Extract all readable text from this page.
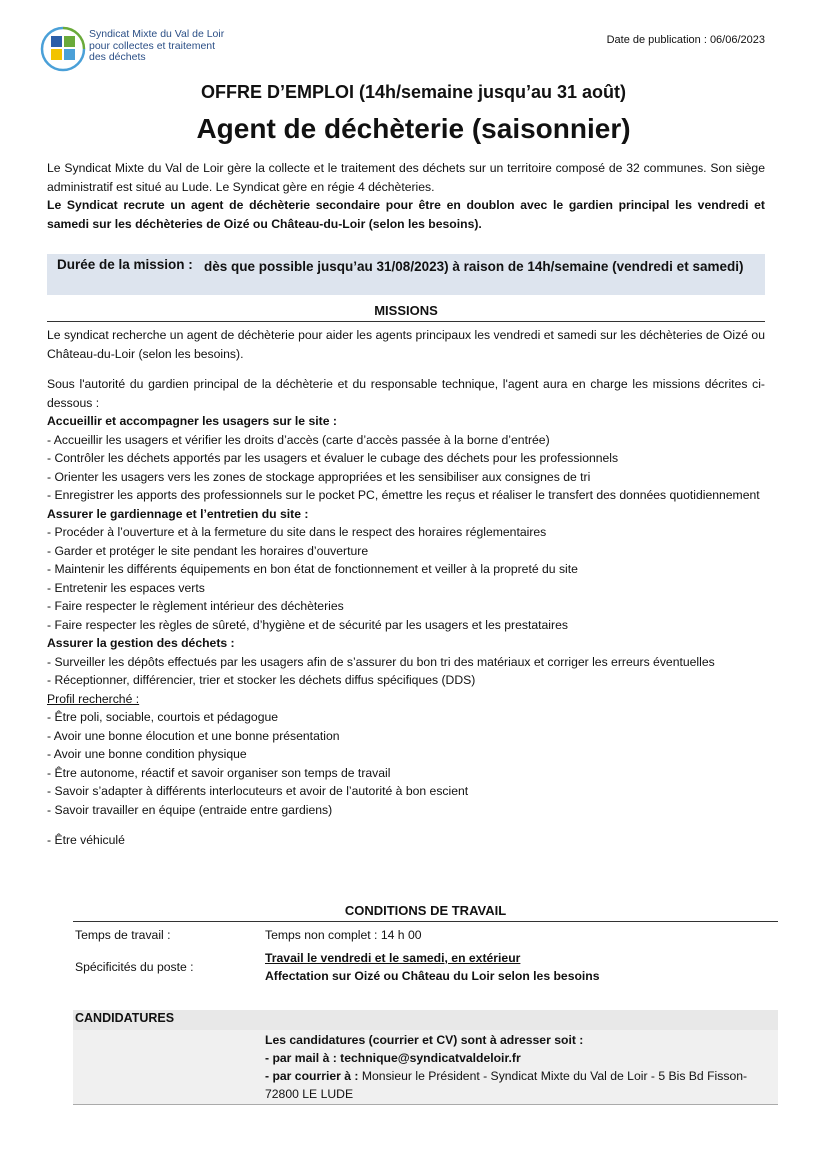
Syndicat Mixte du Val de Loir
pour collectes et traitement
des déchets
Date de publication : 06/06/2023
OFFRE D’EMPLOI (14h/semaine jusqu’au 31 août)
Agent de déchèterie (saisonnier)

Le Syndicat Mixte du Val de Loir gère la collecte et le traitement des déchets sur un territoire composé de 32 communes. Son siège administratif est situé au Lude. Le Syndicat gère en régie 4 déchèteries.

Le Syndicat recrute un agent de déchèterie secondaire pour être en doublon avec le gardien principal les vendredi et samedi sur les déchèteries de Oizé ou Château-du-Loir (selon les besoins).

Durée de la mission : dès que possible jusqu’au 31/08/2023) à raison de 14h/semaine (vendredi et samedi)
MISSIONS

Le syndicat recherche un agent de déchèterie pour aider les agents principaux les vendredi et samedi sur les déchèteries de Oizé ou Château-du-Loir (selon les besoins).

Sous l'autorité du gardien principal de la déchèterie et du responsable technique, l'agent aura en charge les missions décrites ci-dessous :

Accueillir et accompagner les usagers sur le site :

- Accueillir les usagers et vérifier les droits d’accès (carte d’accès passée à la borne d’entrée)

- Contrôler les déchets apportés par les usagers et évaluer le cubage des déchets pour les professionnels

- Orienter les usagers vers les zones de stockage appropriées et les sensibiliser aux consignes de tri

- Enregistrer les apports des professionnels sur le pocket PC, émettre les reçus et réaliser le transfert des données quotidiennement

Assurer le gardiennage et l’entretien du site :

- Procéder à l’ouverture et à la fermeture du site dans le respect des horaires réglementaires

- Garder et protéger le site pendant les horaires d’ouverture

- Maintenir les différents équipements en bon état de fonctionnement et veiller à la propreté du site

- Entretenir les espaces verts

- Faire respecter le règlement intérieur des déchèteries

- Faire respecter les règles de sûreté, d’hygiène et de sécurité par les usagers et les prestataires

Assurer la gestion des déchets :

- Surveiller les dépôts effectués par les usagers afin de s’assurer du bon tri des matériaux et corriger les erreurs éventuelles

- Réceptionner, différencier, trier et stocker les déchets diffus spécifiques (DDS)

Profil recherché :

- Être poli, sociable, courtois et pédagogue

- Avoir une bonne élocution et une bonne présentation

- Avoir une bonne condition physique

- Être autonome, réactif et savoir organiser son temps de travail

- Savoir s’adapter à différents interlocuteurs et avoir de l’autorité à bon escient

- Savoir travailler en équipe (entraide entre gardiens)

- Être véhiculé

CONDITIONS DE TRAVAIL
Temps de travail :	Temps non complet : 14 h 00
Spécificités du poste :
Travail le vendredi et le samedi, en extérieur
Affectation sur Oizé ou Château du Loir selon les besoins
CANDIDATURES
Les candidatures (courrier et CV) sont à adresser soit :
- par mail à : technique@syndicatvaldeloir.fr
- par courrier à : Monsieur le Président - Syndicat Mixte du Val de Loir - 5 Bis Bd Fisson- 72800 LE LUDE
